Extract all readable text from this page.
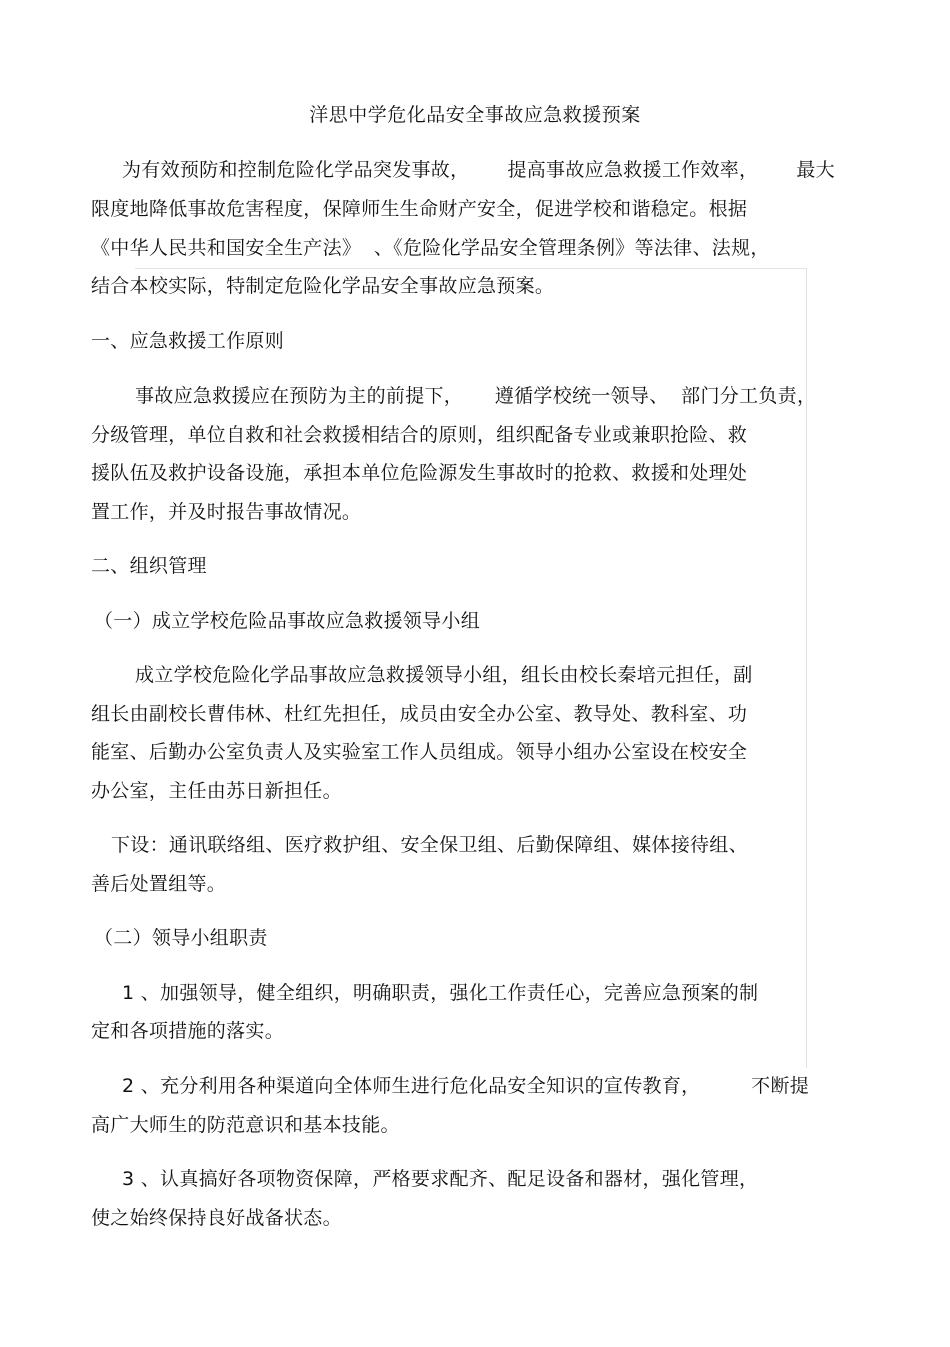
洋思中学危化品安全事故应急救援预案
为有效预防和控制危险化学品突发事故，      提高事故应急救援工作效率，      最大
限度地降低事故危害程度，保障师生生命财产安全，促进学校和谐稳定。根据
《中华人民共和国安全生产法》  、《危险化学品安全管理条例》等法律、法规，
结合本校实际，特制定危险化学品安全事故应急预案。
一、应急救援工作原则
事故应急救援应在预防为主的前提下，     遵循学校统一领导、  部门分工负责，
分级管理，单位自救和社会救援相结合的原则，组织配备专业或兼职抢险、救
援队伍及救护设备设施，承担本单位危险源发生事故时的抢救、救援和处理处
置工作，并及时报告事故情况。
二、组织管理
（一）成立学校危险品事故应急救援领导小组
成立学校危险化学品事故应急救援领导小组，组长由校长秦培元担任，副
组长由副校长曹伟林、杜红先担任，成员由安全办公室、教导处、教科室、功
能室、后勤办公室负责人及实验室工作人员组成。领导小组办公室设在校安全
办公室，主任由苏日新担任。
下设：通讯联络组、医疗救护组、安全保卫组、后勤保障组、媒体接待组、
善后处置组等。
（二）领导小组职责
1 、加强领导，健全组织，明确职责，强化工作责任心，完善应急预案的制
定和各项措施的落实。
2 、充分利用各种渠道向全体师生进行危化品安全知识的宣传教育，        不断提
高广大师生的防范意识和基本技能。
3 、认真搞好各项物资保障，严格要求配齐、配足设备和器材，强化管理，
使之始终保持良好战备状态。
